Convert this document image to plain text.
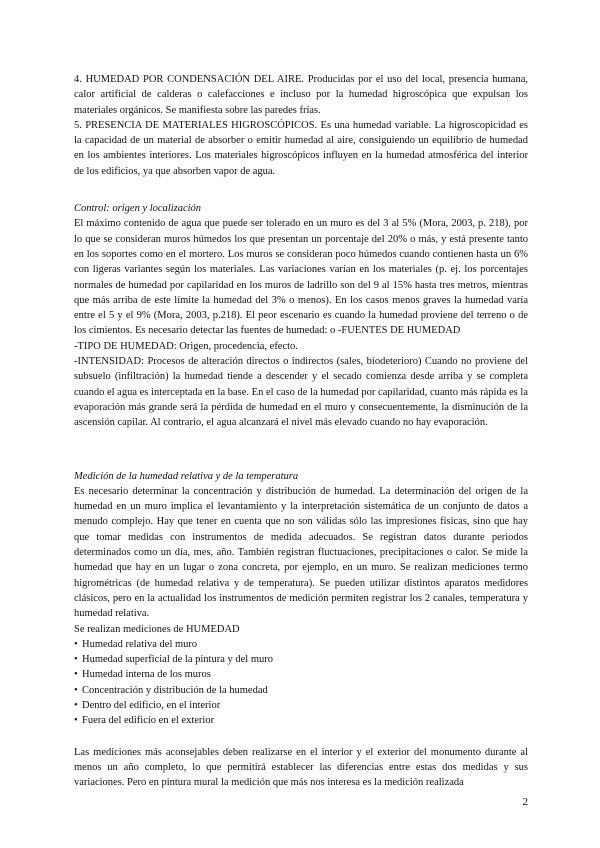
4. HUMEDAD POR CONDENSACIÓN DEL AIRE. Producidas por el uso del local, presencia humana, calor artificial de calderas o calefacciones e incluso por la humedad higroscópica que expulsan los materiales orgánicos. Se manifiesta sobre las paredes frías.

5. PRESENCIA DE MATERIALES HIGROSCÓPICOS. Es una humedad variable. La higroscopicidad es la capacidad de un material de absorber o emitir humedad al aire, consiguiendo un equilibrio de humedad en los ambientes interiores. Los materiales higroscópicos influyen en la humedad atmosférica del interior de los edificios, ya que absorben vapor de agua.

Control: origen y localización

El máximo contenido de agua que puede ser tolerado en un muro es del 3 al 5% (Mora, 2003, p. 218), por lo que se consideran muros húmedos los que presentan un porcentaje del 20% o más, y está presente tanto en los soportes como en el mortero. Los muros se consideran poco húmedos cuando contienen hasta un 6% con ligeras variantes según los materiales. Las variaciones varían en los materiales (p. ej. los porcentajes normales de humedad por capilaridad en los muros de ladrillo son del 9 al 15% hasta tres metros, mientras que más arriba de este límite la humedad del 3% o menos). En los casos menos graves la humedad varía entre el 5 y el 9% (Mora, 2003, p.218). El peor escenario es cuando la humedad proviene del terreno o de los cimientos. Es necesario detectar las fuentes de humedad: o -FUENTES DE HUMEDAD

-TIPO DE HUMEDAD: Origen, procedencia, efecto.

-INTENSIDAD: Procesos de alteración directos o indirectos (sales, biodeterioro) Cuando no proviene del subsuelo (infiltración) la humedad tiende a descender y el secado comienza desde arriba y se completa cuando el agua es interceptada en la base. En el caso de la humedad por capilaridad, cuanto más rápida es la evaporación más grande será la pérdida de humedad en el muro y consecuentemente, la disminución de la ascensión capilar. Al contrario, el agua alcanzará el nivel más elevado cuando no hay evaporación.

Medición de la humedad relativa y de la temperatura

Es necesario determinar la concentración y distribución de humedad. La determinación del origen de la humedad en un muro implica el levantamiento y la interpretación sistemática de un conjunto de datos a menudo complejo. Hay que tener en cuenta que no son válidas sólo las impresiones físicas, sino que hay que tomar medidas con instrumentos de medida adecuados. Se registran datos durante periodos determinados como un día, mes, año. También registran fluctuaciones, precipitaciones o calor. Se mide la humedad que hay en un lugar o zona concreta, por ejemplo, en un muro. Se realizan mediciones termo higrométricas (de humedad relativa y de temperatura). Se pueden utilizar distintos aparatos medidores clásicos, pero en la actualidad los instrumentos de medición permiten registrar los 2 canales, temperatura y humedad relativa.

Se realizan mediciones de HUMEDAD

• Humedad relativa del muro
• Humedad superficial de la pintura y del muro
• Humedad interna de los muros
• Concentración y distribución de la humedad
• Dentro del edificio, en el interior
• Fuera del edificio en el exterior

Las mediciones más aconsejables deben realizarse en el interior y el exterior del monumento durante al menos un año completo, lo que permitirá establecer las diferencias entre estas dos medidas y sus variaciones. Pero en pintura mural la medición que más nos interesa es la medición realizada

2
